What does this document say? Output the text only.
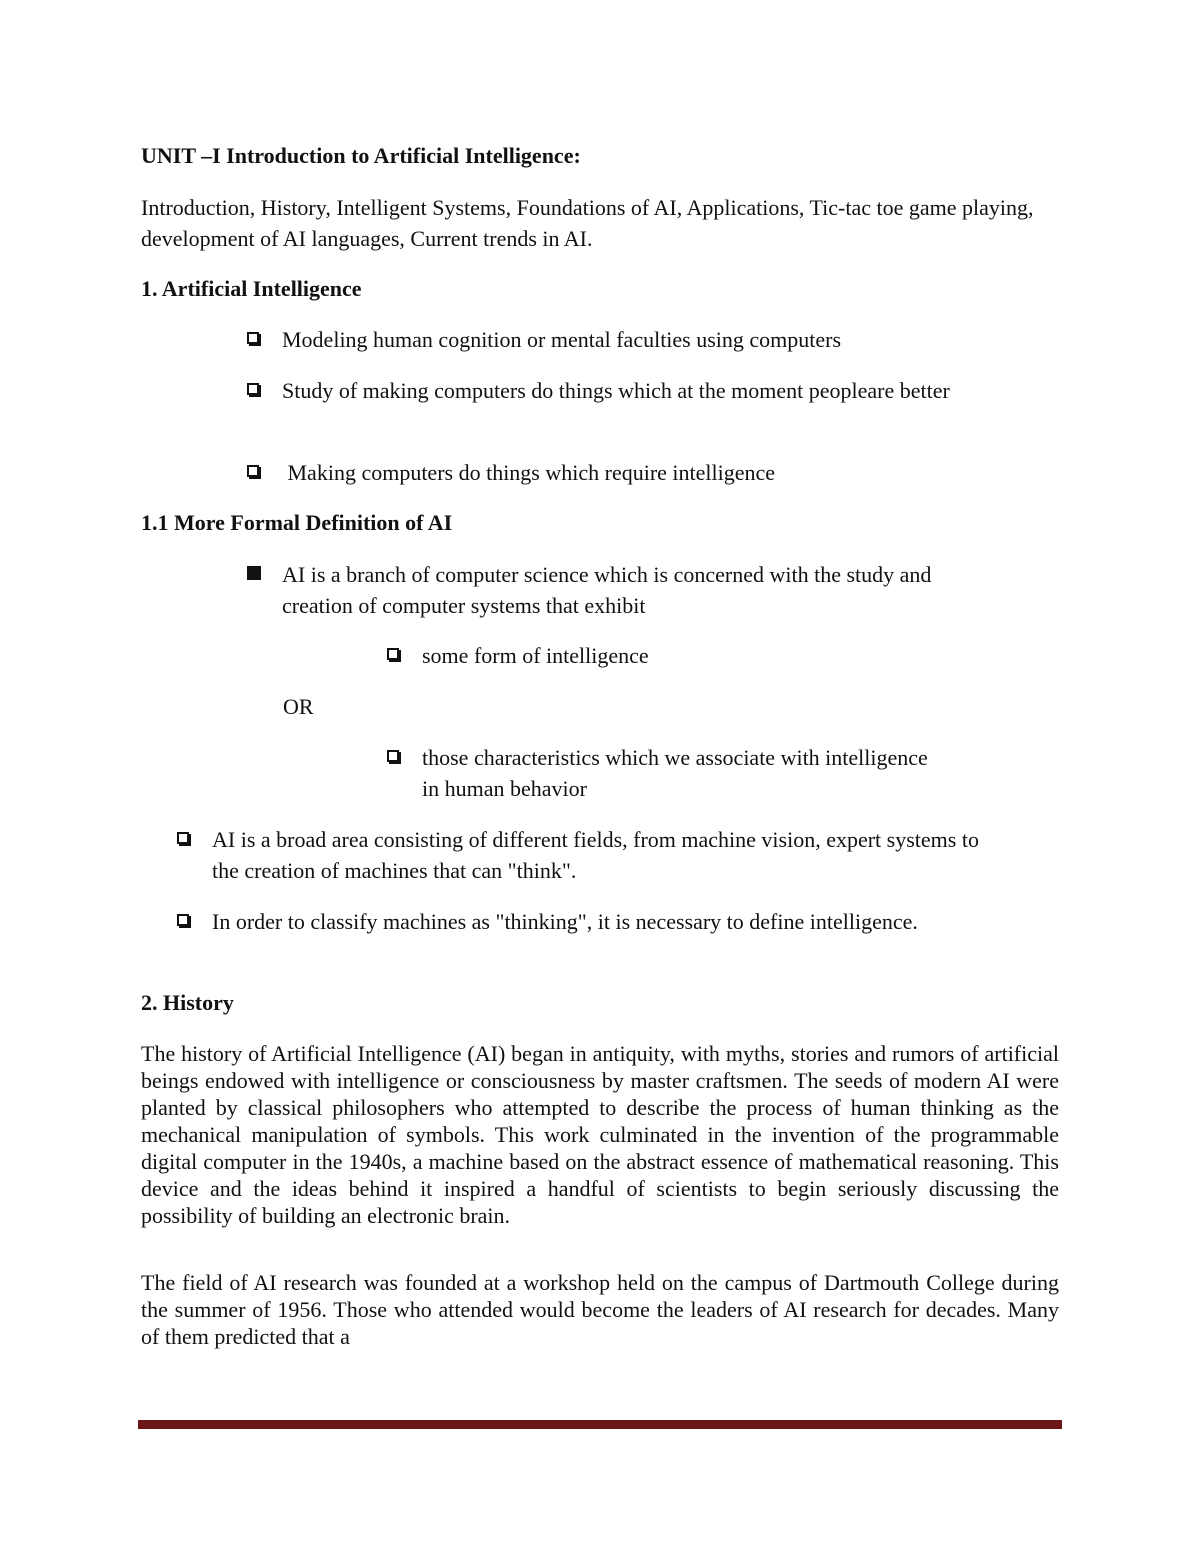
UNIT –I Introduction to Artificial Intelligence:

Introduction, History, Intelligent Systems, Foundations of AI, Applications, Tic-tac toe game playing, development of AI languages, Current trends in AI.

1. Artificial Intelligence

Modeling human cognition or mental faculties using computers
Study of making computers do things which at the moment peopleare better
Making computers do things which require intelligence

1.1 More Formal Definition of AI

AI is a branch of computer science which is concerned with the study and creation of computer systems that exhibit
some form of intelligence

OR

those characteristics which we associate with intelligence in human behavior
AI is a broad area consisting of different fields, from machine vision, expert systems to the creation of machines that can "think".
In order to classify machines as "thinking", it is necessary to define intelligence.

2. History

The history of Artificial Intelligence (AI) began in antiquity, with myths, stories and rumors of artificial beings endowed with intelligence or consciousness by master craftsmen. The seeds of modern AI were planted by classical philosophers who attempted to describe the process of human thinking as the mechanical manipulation of symbols. This work culminated in the invention of the programmable digital computer in the 1940s, a machine based on the abstract essence of mathematical reasoning. This device and the ideas behind it inspired a handful of scientists to begin seriously discussing the possibility of building an electronic brain.

The field of AI research was founded at a workshop held on the campus of Dartmouth College during the summer of 1956. Those who attended would become the leaders of AI research for decades. Many of them predicted that a
